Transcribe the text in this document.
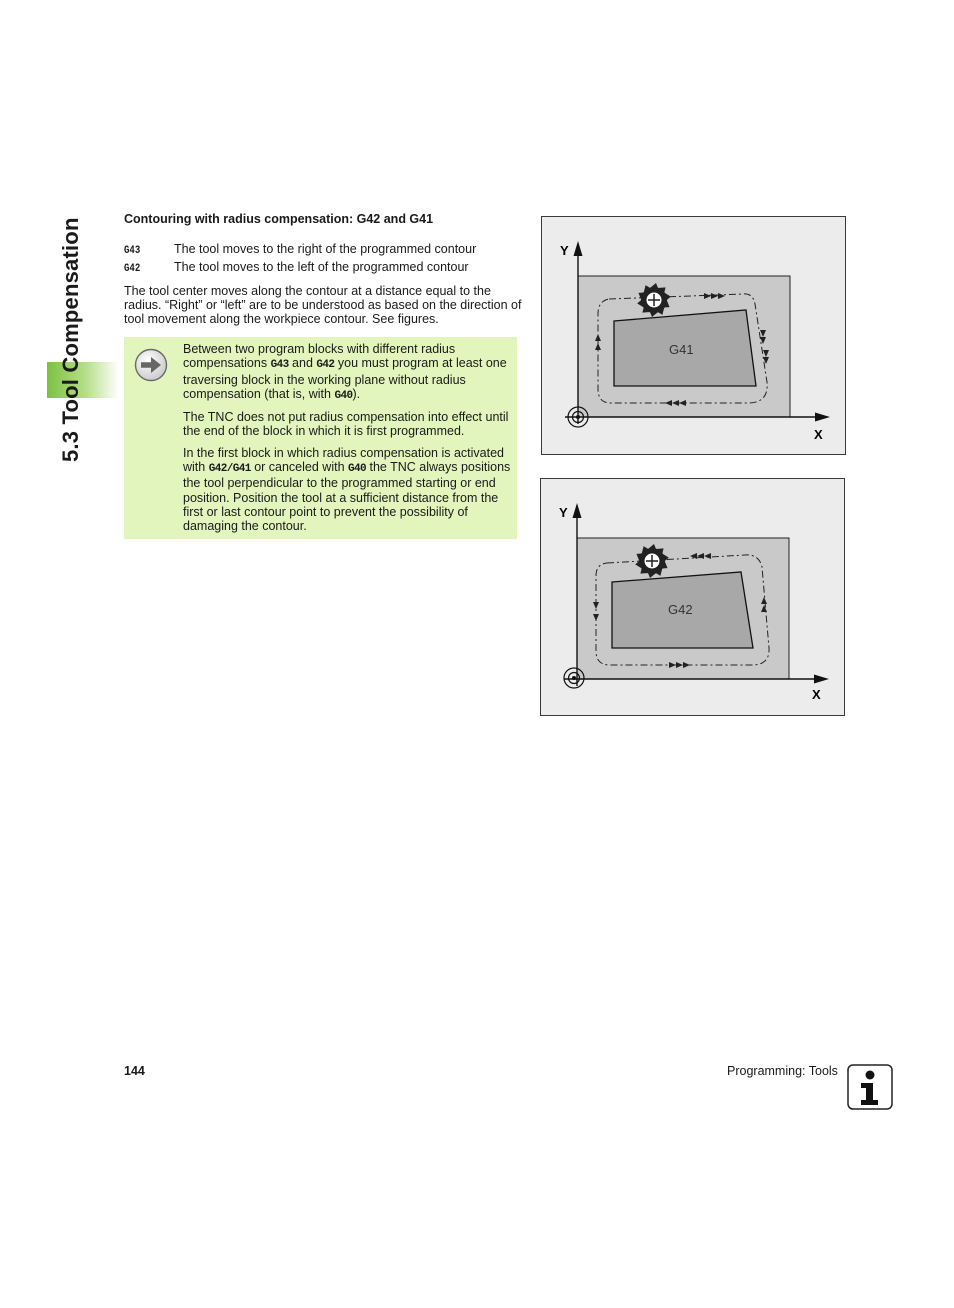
5.3 Tool Compensation	Contouring with radius compensation: G42 and G41
G43	The tool moves to the right of the programmed contour
G42	The tool moves to the left of the programmed contour
The tool center moves along the contour at a distance equal to the radius. “Right” or “left” are to be understood as based on the direction of tool movement along the workpiece contour. See figures.

Between two program blocks with different radius compensations G43 and G42 you must program at least one traversing block in the working plane without radius compensation (that is, with G40).

The TNC does not put radius compensation into effect until the end of the block in which it is first programmed.

In the first block in which radius compensation is activated with G42/G41 or canceled with G40 the TNC always positions the tool perpendicular to the programmed starting or end position. Position the tool at a sufficient distance from the first or last contour point to prevent the possibility of damaging the contour.

Y
X
G41
Y
X
G42
144	Programming: Tools
